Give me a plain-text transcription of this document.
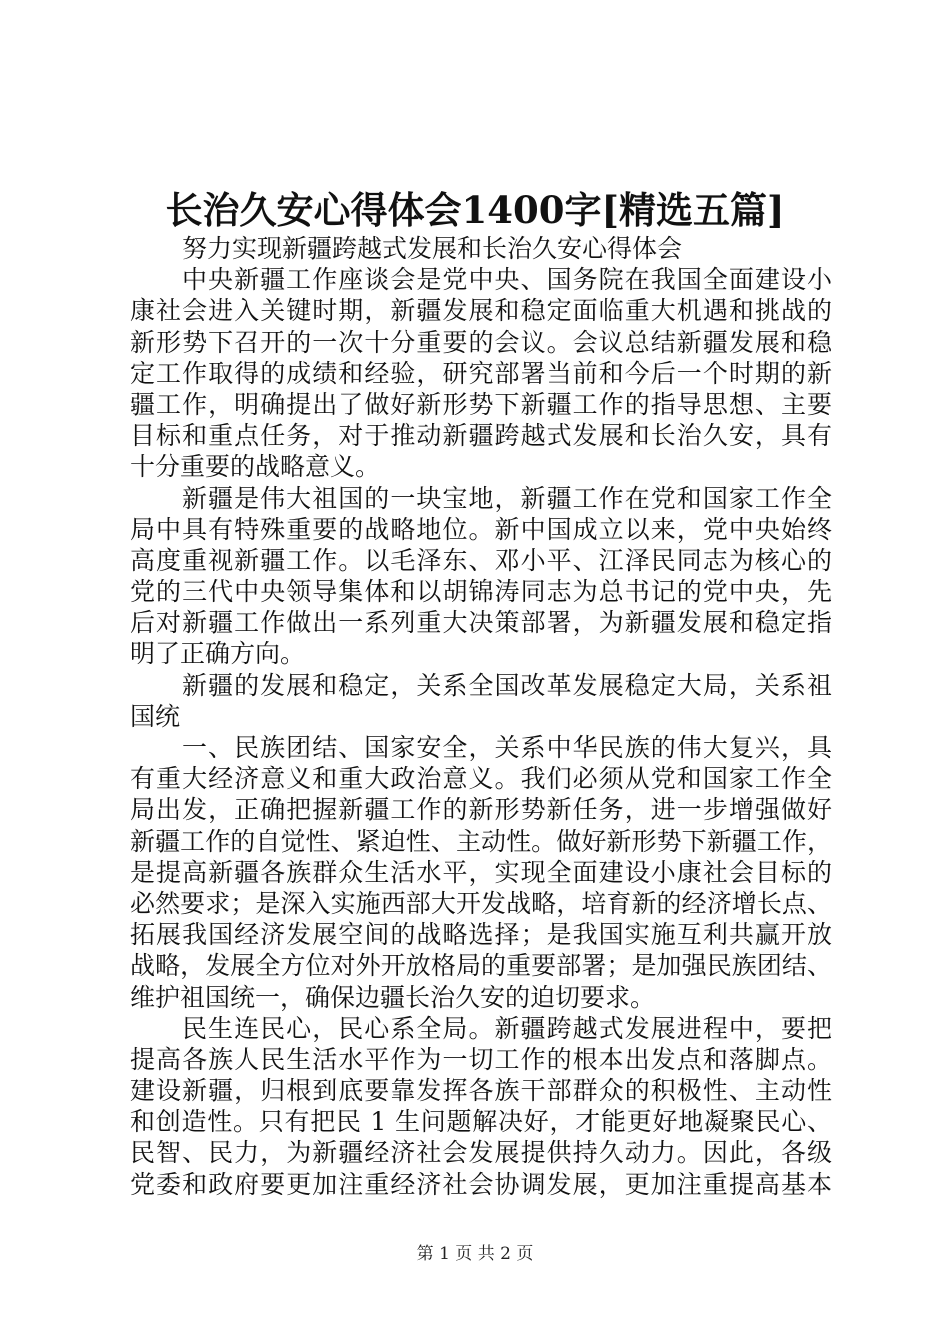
长治久安心得体会1400字[精选五篇]
努力实现新疆跨越式发展和长治久安心得体会
中央新疆工作座谈会是党中央、国务院在我国全面建设小
康社会进入关键时期，新疆发展和稳定面临重大机遇和挑战的
新形势下召开的一次十分重要的会议。会议总结新疆发展和稳
定工作取得的成绩和经验，研究部署当前和今后一个时期的新
疆工作，明确提出了做好新形势下新疆工作的指导思想、主要
目标和重点任务，对于推动新疆跨越式发展和长治久安，具有
十分重要的战略意义。
新疆是伟大祖国的一块宝地，新疆工作在党和国家工作全
局中具有特殊重要的战略地位。新中国成立以来，党中央始终
高度重视新疆工作。以毛泽东、邓小平、江泽民同志为核心的
党的三代中央领导集体和以胡锦涛同志为总书记的党中央，先
后对新疆工作做出一系列重大决策部署，为新疆发展和稳定指
明了正确方向。
新疆的发展和稳定，关系全国改革发展稳定大局，关系祖
国统
一、民族团结、国家安全，关系中华民族的伟大复兴，具
有重大经济意义和重大政治意义。我们必须从党和国家工作全
局出发，正确把握新疆工作的新形势新任务，进一步增强做好
新疆工作的自觉性、紧迫性、主动性。做好新形势下新疆工作，
是提高新疆各族群众生活水平，实现全面建设小康社会目标的
必然要求；是深入实施西部大开发战略，培育新的经济增长点、
拓展我国经济发展空间的战略选择；是我国实施互利共赢开放
战略，发展全方位对外开放格局的重要部署；是加强民族团结、
维护祖国统一，确保边疆长治久安的迫切要求。
民生连民心，民心系全局。新疆跨越式发展进程中，要把
提高各族人民生活水平作为一切工作的根本出发点和落脚点。
建设新疆，归根到底要靠发挥各族干部群众的积极性、主动性
和创造性。只有把民 1 生问题解决好，才能更好地凝聚民心、
民智、民力，为新疆经济社会发展提供持久动力。因此，各级
党委和政府要更加注重经济社会协调发展，更加注重提高基本
第 1 页 共 2 页
